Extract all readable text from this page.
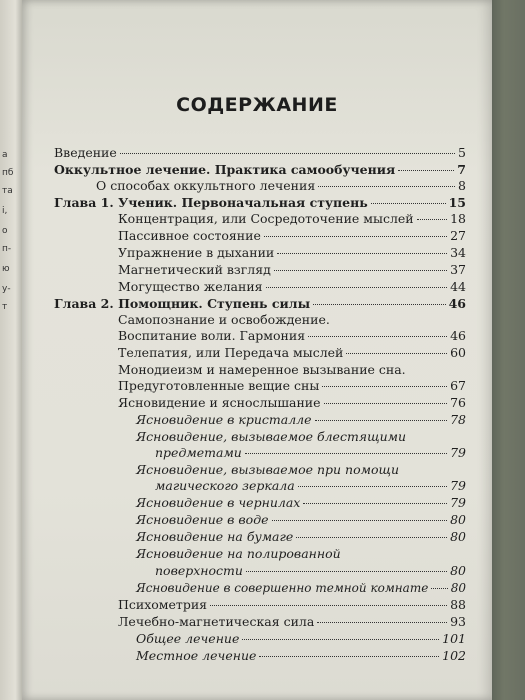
а
пб
та
і,
о
п-
ю
у-
т
СОДЕРЖАНИЕ
Введение	5
Оккультное лечение. Практика самообучения	7
О способах оккультного лечения	8
Глава 1. Ученик. Первоначальная ступень	15
Концентрация, или Сосредоточение мыслей	18
Пассивное состояние	27
Упражнение в дыхании	34
Магнетический взгляд	37
Могущество желания	44
Глава 2. Помощник. Ступень силы	46
Самопознание и освобождение.
Воспитание воли. Гармония	46
Телепатия, или Передача мыслей	60
Монодиеизм и намеренное вызывание сна.
Предуготовленные вещие сны	67
Ясновидение и яснослышание	76
Ясновидение в кристалле	78
Ясновидение, вызываемое блестящими
предметами	79
Ясновидение, вызываемое при помощи
магического зеркала	79
Ясновидение в чернилах	79
Ясновидение в воде	80
Ясновидение на бумаге	80
Ясновидение на полированной
поверхности	80
Ясновидение в совершенно темной комнате 80
Психометрия	88
Лечебно-магнетическая сила	93
Общее лечение	101
Местное лечение	102
